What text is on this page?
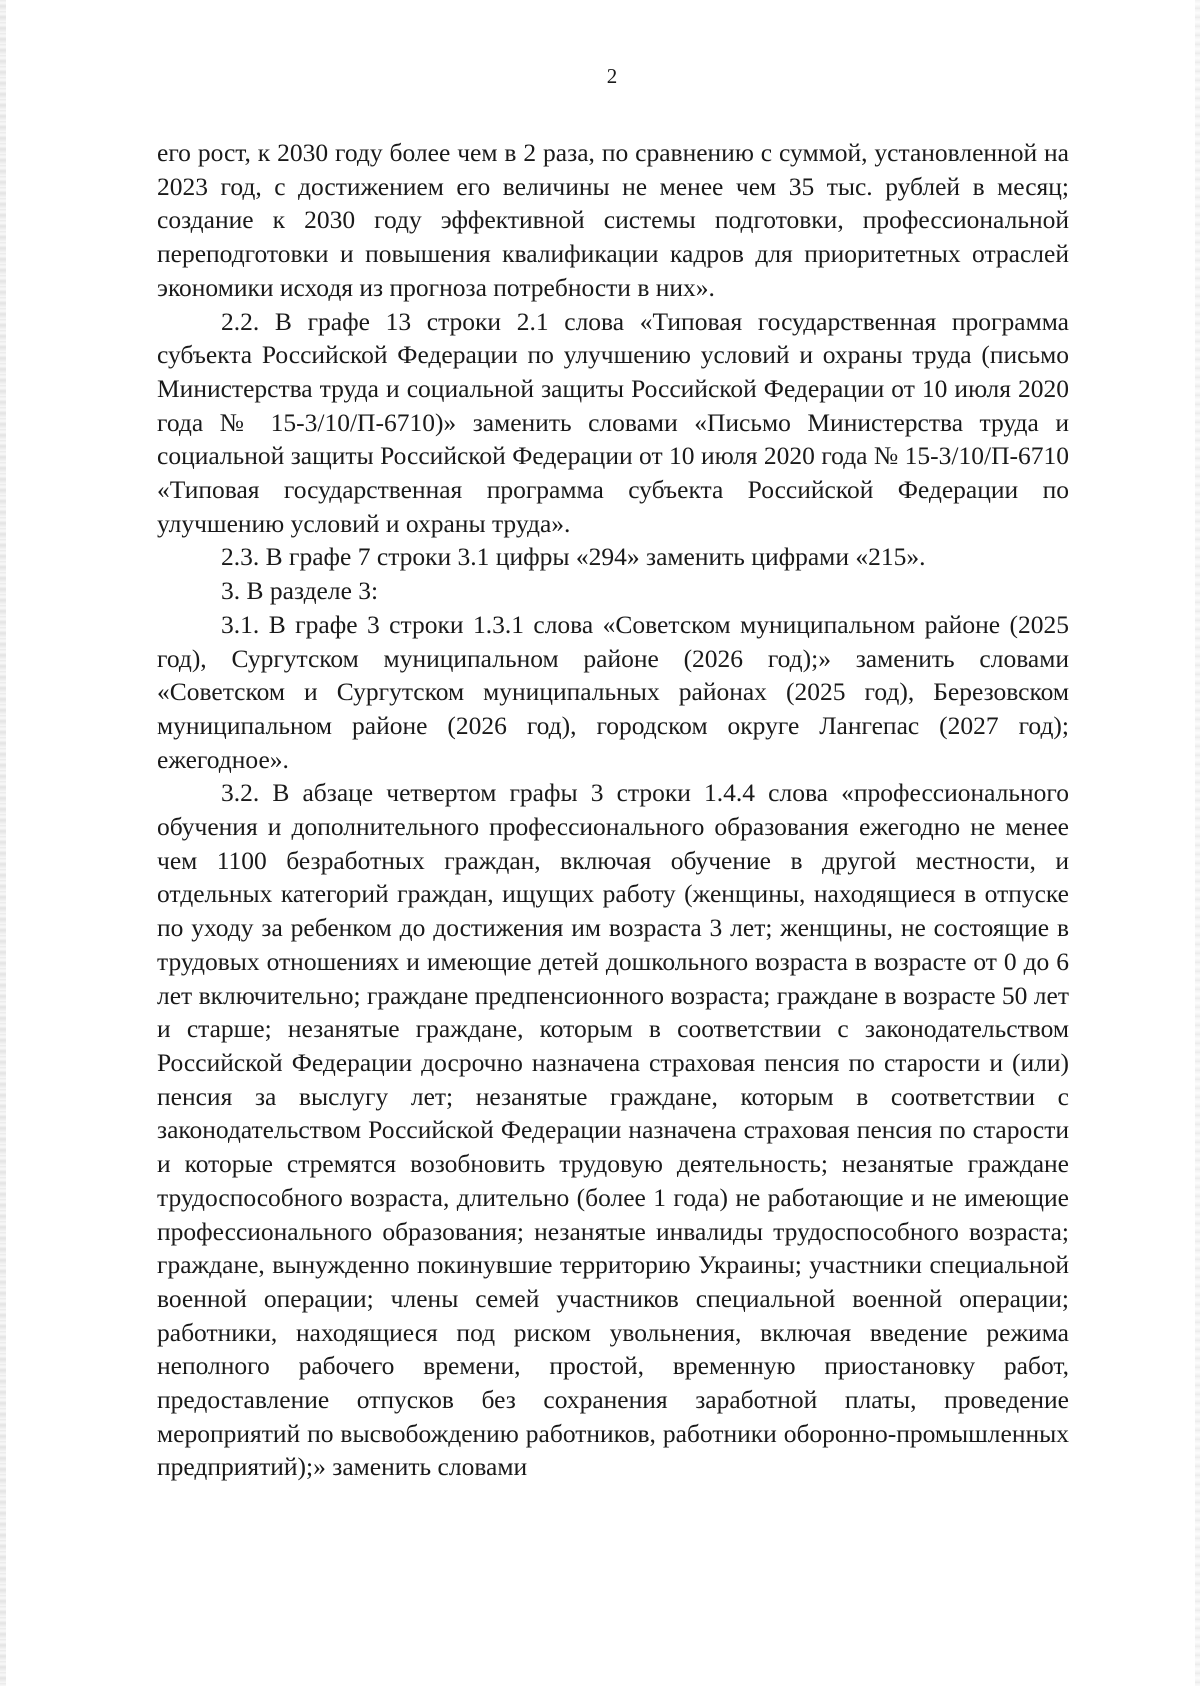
2

его рост, к 2030 году более чем в 2 раза, по сравнению с суммой, установленной на 2023 год, с достижением его величины не менее чем 35 тыс. рублей в месяц; создание к 2030 году эффективной системы подготовки, профессиональной переподготовки и повышения квалификации кадров для приоритетных отраслей экономики исходя из прогноза потребности в них».

2.2. В графе 13 строки 2.1 слова «Типовая государственная программа субъекта Российской Федерации по улучшению условий и охраны труда (письмо Министерства труда и социальной защиты Российской Федерации от 10 июля 2020 года № 15-3/10/П-6710)» заменить словами «Письмо Министерства труда и социальной защиты Российской Федерации от 10 июля 2020 года № 15-3/10/П-6710 «Типовая государственная программа субъекта Российской Федерации по улучшению условий и охраны труда».

2.3. В графе 7 строки 3.1 цифры «294» заменить цифрами «215».

3. В разделе 3:

3.1. В графе 3 строки 1.3.1 слова «Советском муниципальном районе (2025 год), Сургутском муниципальном районе (2026 год);» заменить словами «Советском и Сургутском муниципальных районах (2025 год), Березовском муниципальном районе (2026 год), городском округе Лангепас (2027 год); ежегодное».

3.2. В абзаце четвертом графы 3 строки 1.4.4 слова «профессионального обучения и дополнительного профессионального образования ежегодно не менее чем 1100 безработных граждан, включая обучение в другой местности, и отдельных категорий граждан, ищущих работу (женщины, находящиеся в отпуске по уходу за ребенком до достижения им возраста 3 лет; женщины, не состоящие в трудовых отношениях и имеющие детей дошкольного возраста в возрасте от 0 до 6 лет включительно; граждане предпенсионного возраста; граждане в возрасте 50 лет и старше; незанятые граждане, которым в соответствии с законодательством Российской Федерации досрочно назначена страховая пенсия по старости и (или) пенсия за выслугу лет; незанятые граждане, которым в соответствии с законодательством Российской Федерации назначена страховая пенсия по старости и которые стремятся возобновить трудовую деятельность; незанятые граждане трудоспособного возраста, длительно (более 1 года) не работающие и не имеющие профессионального образования; незанятые инвалиды трудоспособного возраста; граждане, вынужденно покинувшие территорию Украины; участники специальной военной операции; члены семей участников специальной военной операции; работники, находящиеся под риском увольнения, включая введение режима неполного рабочего времени, простой, временную приостановку работ, предоставление отпусков без сохранения заработной платы, проведение мероприятий по высвобождению работников, работники оборонно-промышленных предприятий);» заменить словами
